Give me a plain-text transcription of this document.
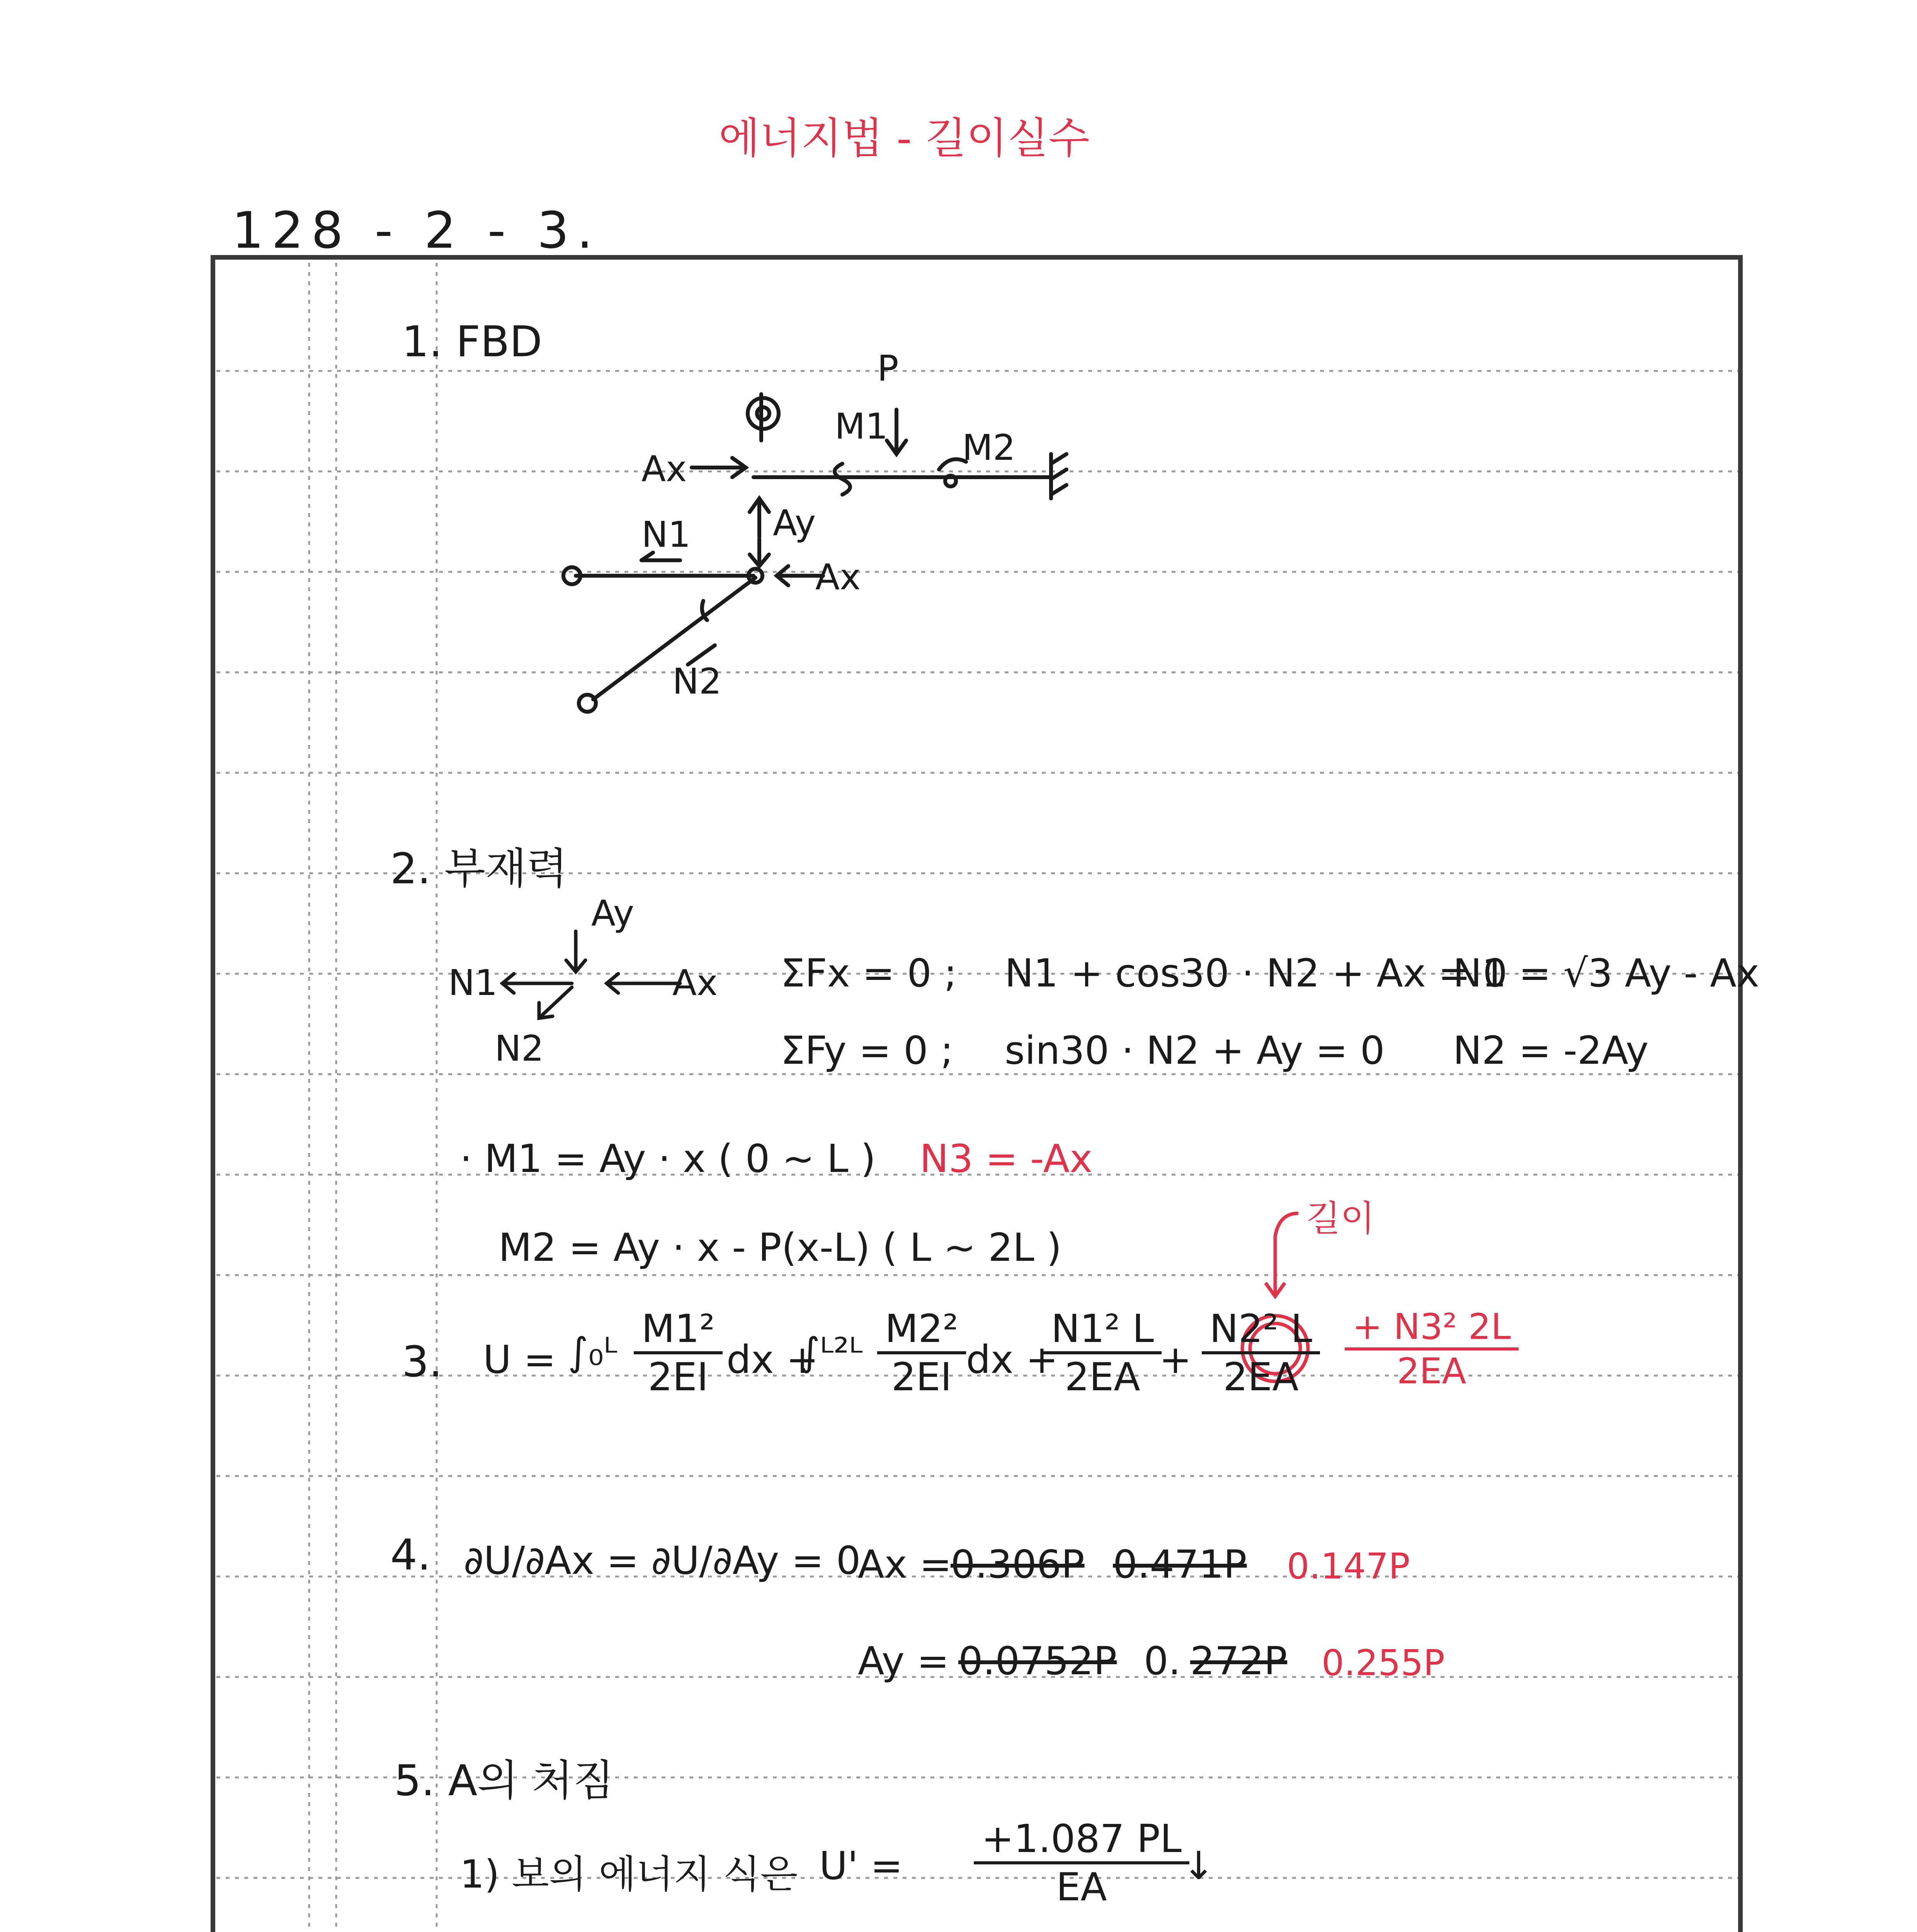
에너지법 - 길이실수
128 - 2 - 3.
1. FBD
P
M1
M2
Ax
Ay
N1
Ax
N2
2. 부재력
Ay
N1	Ax
N2
ΣFx = 0 ; N1 + cos30 · N2 + Ax = 0
N1 = √3 Ay - Ax
ΣFy = 0 ; sin30 · N2 + Ay = 0 N2 = -2Ay
· M1 = Ay · x ( 0 ~ L ) N3 = -Ax
M2 = Ay · x - P(x-L) ( L ~ 2L )
길이
3. U = ∫₀ᴸ $\frac{\text{M1²}}{2EI}$ dx +
∫ᴸ²ᴸ $\frac{\text{M2²}}{2EI}$ dx +
$\frac{\text{N1² L}}{2EA}$
+ $\frac{\text{N2² L}}{2EA} \frac{\text{+ N3² 2L}}{2EA}$
4. ∂U/∂Ax = ∂U/∂Ay = 0
Ax =
0.306P 0.471P 0.147P
Ay = 0.0752P 0. 272P 0.255P
5. A의 처짐
1) 보의 에너지 식은 $U' = \frac{+1.087 PL}{EA}$
↓
